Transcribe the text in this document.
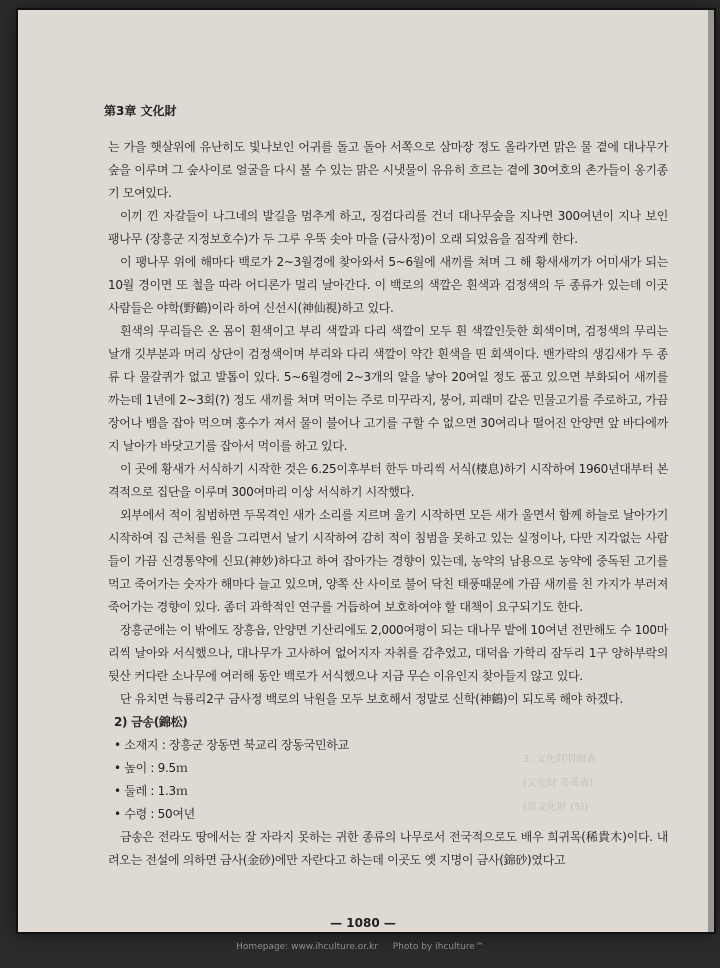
第3章 文化財
3. 文化財明細表
(文化財 목록表)
(道文化財 (5))

는 가을 햇살위에 유난히도 빛나보인 어귀를 돌고 돌아 서쪽으로 삼마장 정도 올라가면 맑은 물 곁에 대나무가 숲을 이루며 그 숲사이로 얼굴을 다시 볼 수 있는 맑은 시냇물이 유유히 흐르는 곁에 30여호의 촌가들이 옹기종기 모여있다.

이끼 낀 자갈들이 나그네의 발길을 멈추게 하고, 징검다리를 건너 대나무숲을 지나면 300여년이 지나 보인 팽나무 (장흥군 지정보호수)가 두 그루 우뚝 솟아 마을 (금사정)이 오래 되었음을 짐작케 한다.

이 팽나무 위에 해마다 백로가 2~3월경에 찾아와서 5~6월에 새끼를 쳐며 그 해 황새새끼가 어미새가 되는 10월 경이면 또 철을 따라 어디론가 멀리 날아간다. 이 백로의 색깔은 흰색과 검정색의 두 종류가 있는데 이곳 사람들은 야학(野鶴)이라 하여 신선시(神仙視)하고 있다.

흰색의 무리들은 온 몸이 흰색이고 부리 색깔과 다리 색깔이 모두 흰 색깔인듯한 회색이며, 검정색의 무리는 날개 깃부분과 머리 상단이 검정색이며 부리와 다리 색깔이 약간 흰색을 띤 회색이다. 밴가락의 생김새가 두 종류 다 물갈퀴가 없고 발톱이 있다. 5~6월경에 2~3개의 알을 낳아 20여일 정도 품고 있으면 부화되어 새끼를 까는데 1년에 2~3회(?) 정도 새끼를 쳐며 먹이는 주로 미꾸라지, 붕어, 피래미 같은 민물고기를 주로하고, 가끔 장어나 뱀을 잡아 먹으며 홍수가 져서 물이 불어나 고기를 구할 수 없으면 30여리나 떨어진 안양면 앞 바다에까지 날아가 바닷고기를 잡아서 먹이를 하고 있다.

이 곳에 황새가 서식하기 시작한 것은 6.25이후부터 한두 마리씩 서식(棲息)하기 시작하여 1960년대부터 본격적으로 집단을 이루며 300여마리 이상 서식하기 시작했다.

외부에서 적이 침범하면 두목격인 새가 소리를 지르며 울기 시작하면 모든 새가 울면서 함께 하늘로 날아가기 시작하여 집 근처를 원을 그리면서 날기 시작하여 감히 적이 침범을 못하고 있는 실정이나, 다만 지각없는 사람들이 가끔 신경통약에 신묘(神妙)하다고 하여 잡아가는 경향이 있는데, 농약의 남용으로 농약에 중독된 고기를 먹고 죽어가는 숫자가 해마다 늘고 있으며, 양쪽 산 사이로 불어 닥친 태풍때문에 가끔 새끼를 친 가지가 부러져 죽어가는 경향이 있다. 좀더 과학적인 연구를 거듭하여 보호하여야 할 대책이 요구되기도 한다.

장흥군에는 이 밖에도 장흥읍, 안양면 기산리에도 2,000여평이 되는 대나무 밭에 10여년 전만해도 수 100마리씩 날아와 서식했으나, 대나무가 고사하여 없어지자 자취를 감추었고, 대덕읍 가학리 잠두리 1구 양하부락의 뒷산 커다란 소나무에 여러해 동안 백로가 서식했으나 지금 무슨 이유인지 찾아들지 않고 있다.

단 유치면 늑룡리2구 금사정 백로의 낙원을 모두 보호해서 정말로 신학(神鶴)이 되도록 해야 하겠다.

2) 금송(錦松)
• 소재지 : 장흥군 장동면 북교리 장동국민하교
• 높이 : 9.5ｍ
• 둘레 : 1.3ｍ
• 수령 : 50여년

금송은 전라도 땅에서는 잘 자라지 못하는 귀한 종류의 나무로서 전국적으로도 배우 희귀목(稀貴木)이다. 내려오는 전설에 의하면 금사(金砂)에만 자란다고 하는데 이곳도 옛 지명이 금사(錦砂)였다고

— 1080 —
Homepage: www.ihculture.or.kr Photo by ihculture™
